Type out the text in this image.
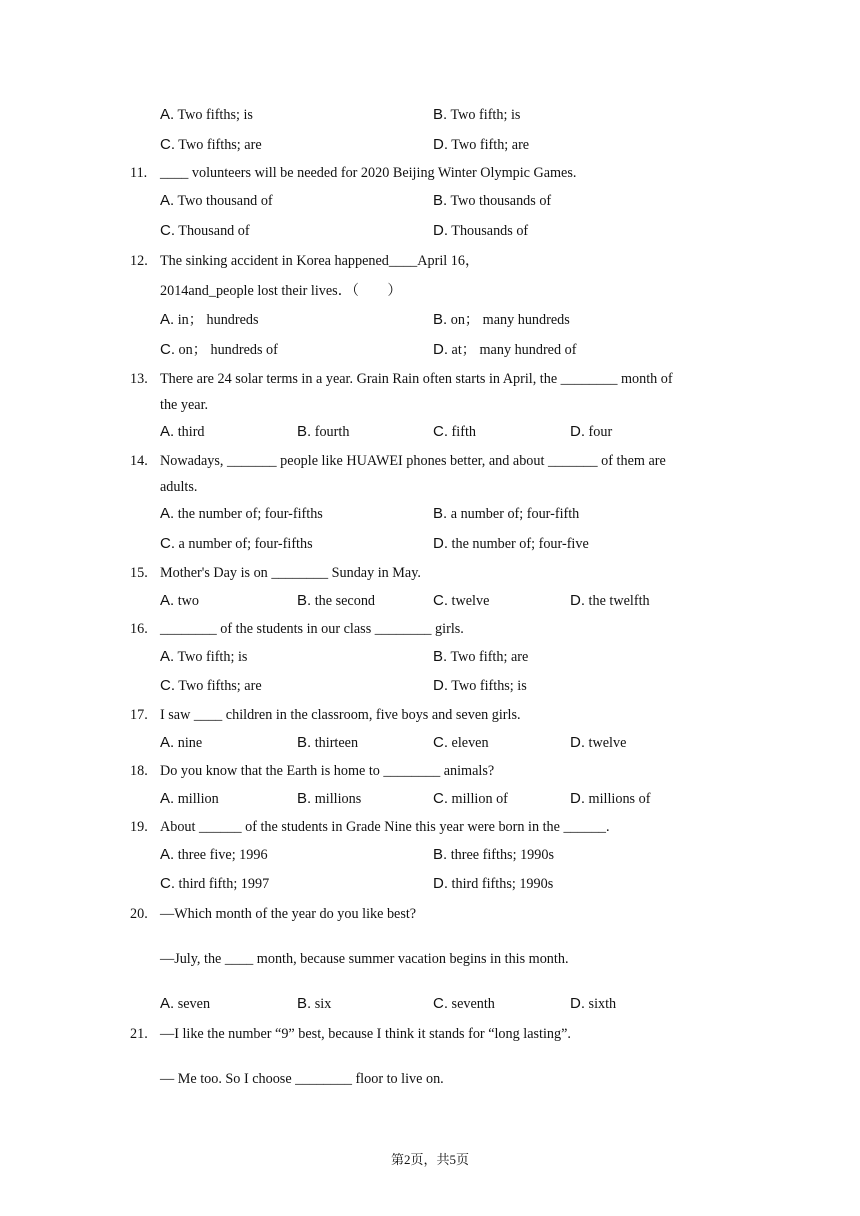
A. Two fifths; is	B. Two fifth; is
C. Two fifths; are	D. Two fifth; are
11. ____ volunteers will be needed for 2020 Beijing Winter Olympic Games.
A. Two thousand of	B. Two thousands of
C. Thousand of	D. Thousands of
12. The sinking accident in Korea happened____April 16，
2014and_people lost their lives．（　　）
A. in； hundreds	B. on； many hundreds
C. on； hundreds of	D. at； many hundred of
13. There are 24 solar terms in a year. Grain Rain often starts in April, the ________ month of
the year.
A. third	B. fourth	C. fifth	D. four
14. Nowadays, _______ people like HUAWEI phones better, and about _______ of them are
adults.
A. the number of; four-fifths	B. a number of; four-fifth
C. a number of; four-fifths	D. the number of; four-five
15. Mother's Day is on ________ Sunday in May.
A. two	B. the second	C. twelve	D. the twelfth
16. ________ of the students in our class ________ girls.
A. Two fifth; is	B. Two fifth; are
C. Two fifths; are	D. Two fifths; is
17. I saw ____ children in the classroom, five boys and seven girls.
A. nine	B. thirteen	C. eleven	D. twelve
18. Do you know that the Earth is home to ________ animals?
A. million	B. millions	C. million of	D. millions of
19. About ______ of the students in Grade Nine this year were born in the ______.
A. three five; 1996	B. three fifths; 1990s
C. third fifth; 1997	D. third fifths; 1990s
20. —Which month of the year do you like best?
—July, the ____ month, because summer vacation begins in this month.
A. seven	B. six	C. seventh	D. sixth
21. —I like the number “9” best, because I think it stands for “long lasting”.
— Me too. So I choose ________ floor to live on.
第2页，共5页
